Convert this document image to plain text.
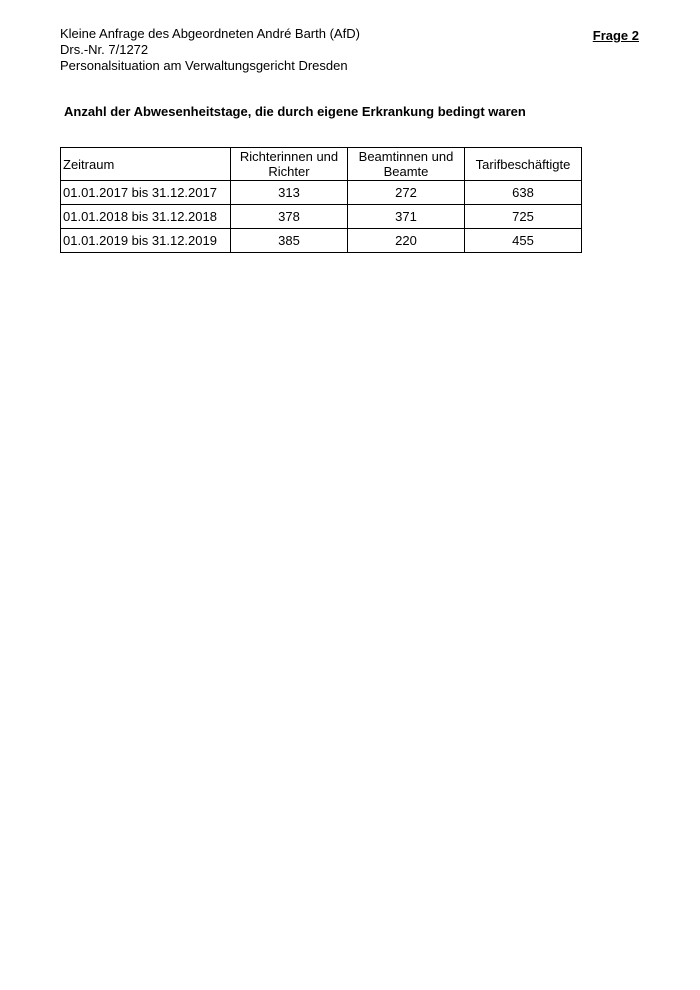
Kleine Anfrage des Abgeordneten André Barth (AfD)
Drs.-Nr. 7/1272
Personalsituation am Verwaltungsgericht Dresden
Frage 2
Anzahl der Abwesenheitstage, die durch eigene Erkrankung bedingt waren
Zeitraum	Richterinnen und Richter	Beamtinnen und Beamte	Tarifbeschäftigte
01.01.2017 bis 31.12.2017	313	272	638
01.01.2018 bis 31.12.2018	378	371	725
01.01.2019 bis 31.12.2019	385	220	455
